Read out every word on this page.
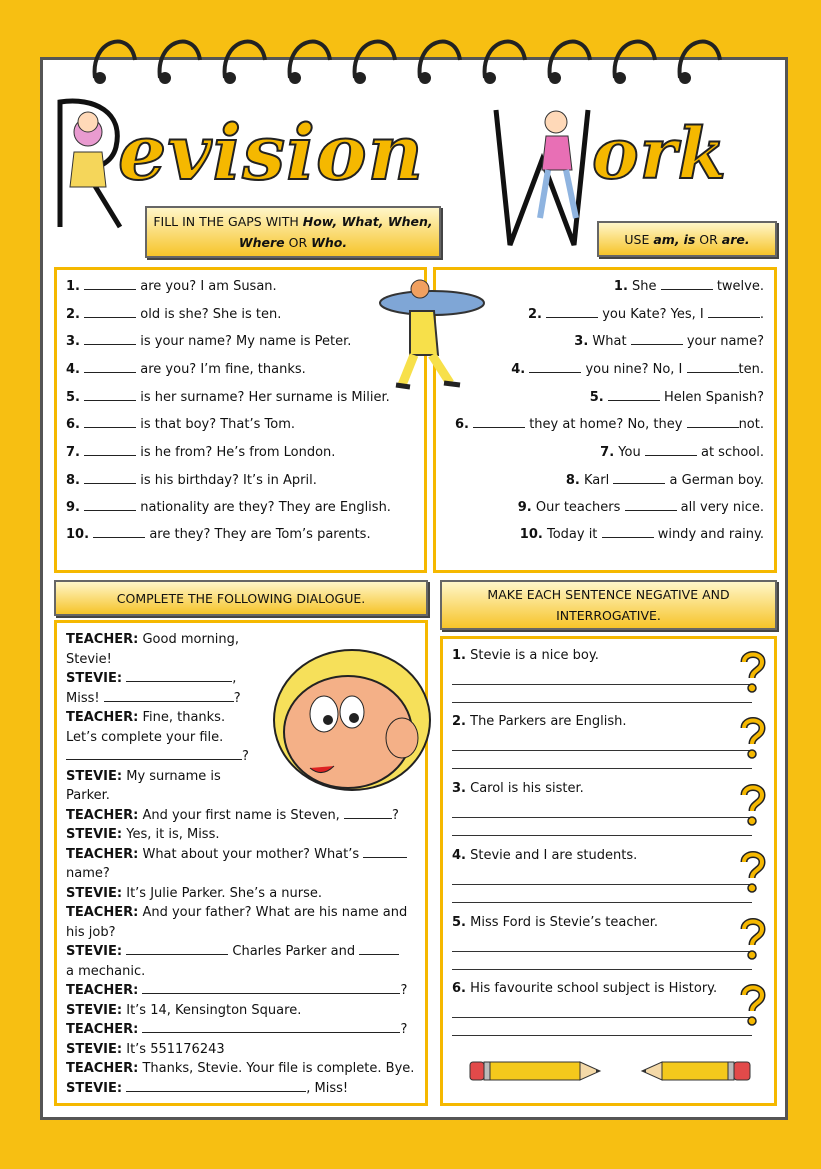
evision ork
FILL IN THE GAPS WITH How, What, When, Where OR Who.	USE am, is OR are.
1.	are you? I am Susan.
2.	old is she? She is ten.
3.	is your name? My name is Peter.
4.	are you? I’m fine, thanks.
5.	is her surname? Her surname is Milier.
6.	is that boy? That’s Tom.
7.	is he from? He’s from London.
8.	is his birthday? It’s in April.
9.	nationality are they? They are English.
10.	are they? They are Tom’s parents.
1. She	twelve.
2.	you Kate? Yes, I	.
3. What	your name?
4.	you nine? No, I	ten.
5.	Helen Spanish?
6.	they at home? No, they	not.
7. You	at school.
8. Karl	a German boy.
9. Our teachers	all very nice.
10. Today it	windy and rainy.
COMPLETE THE FOLLOWING DIALOGUE.	MAKE EACH SENTENCE NEGATIVE AND INTERROGATIVE.
TEACHER: Good morning,
Stevie!
STEVIE:	,
Miss!	?
TEACHER: Fine, thanks.
Let’s complete your file.
?
STEVIE: My surname is
Parker.
TEACHER: And your first name is Steven,	?
STEVIE: Yes, it is, Miss.
TEACHER: What about your mother? What’s
name?
STEVIE: It’s Julie Parker. She’s a nurse.
TEACHER: And your father? What are his name and
his job?
STEVIE:	Charles Parker and
a mechanic.
TEACHER:	?
STEVIE: It’s 14, Kensington Square.
TEACHER:	?
STEVIE: It’s 551176243
TEACHER: Thanks, Stevie. Your file is complete. Bye.
STEVIE:	, Miss!
1. Stevie is a nice boy.
2. The Parkers are English.
3. Carol is his sister.
4. Stevie and I are students.
5. Miss Ford is Stevie’s teacher.
6. His favourite school subject is History.
